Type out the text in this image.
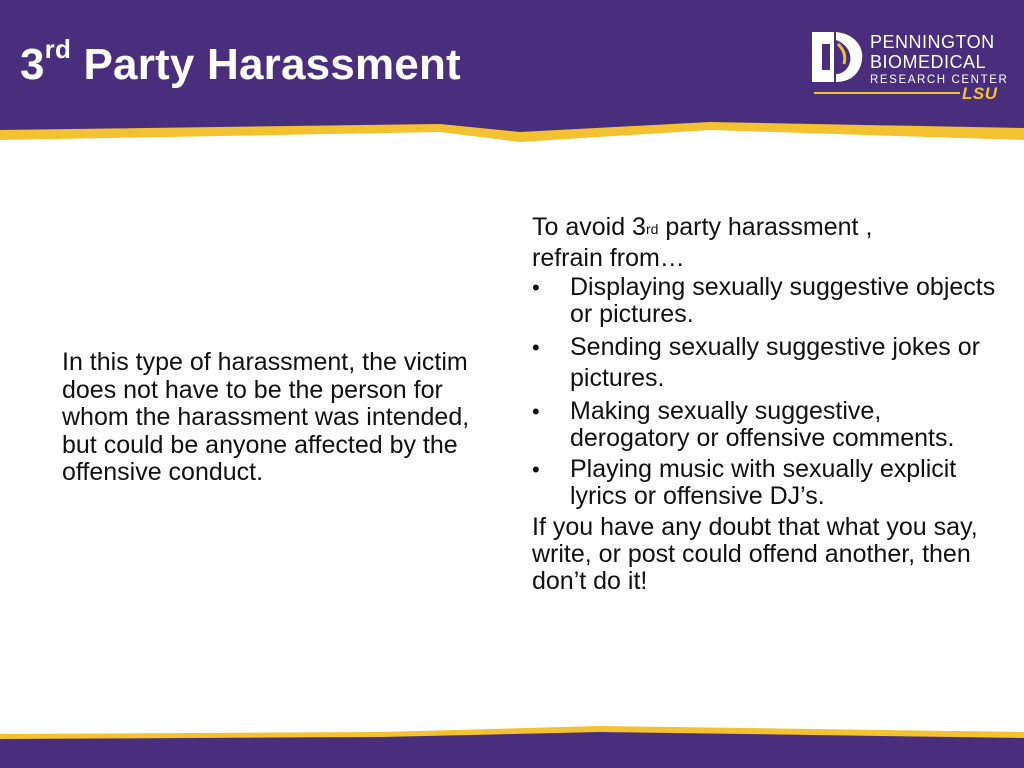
3rd Party Harassment	PENNINGTON
BIOMEDICAL
RESEARCH CENTER
LSU
In this type of harassment, the victim does not have to be the person for whom the harassment was intended, but could be anyone affected by the offensive conduct.
To avoid 3rd party harassment ,
refrain from…
• Displaying sexually suggestive objects or pictures.
• Sending sexually suggestive jokes or pictures.
• Making sexually suggestive, derogatory or offensive comments.
• Playing music with sexually explicit lyrics or offensive DJ’s.
If you have any doubt that what you say, write, or post could offend another, then don’t do it!
